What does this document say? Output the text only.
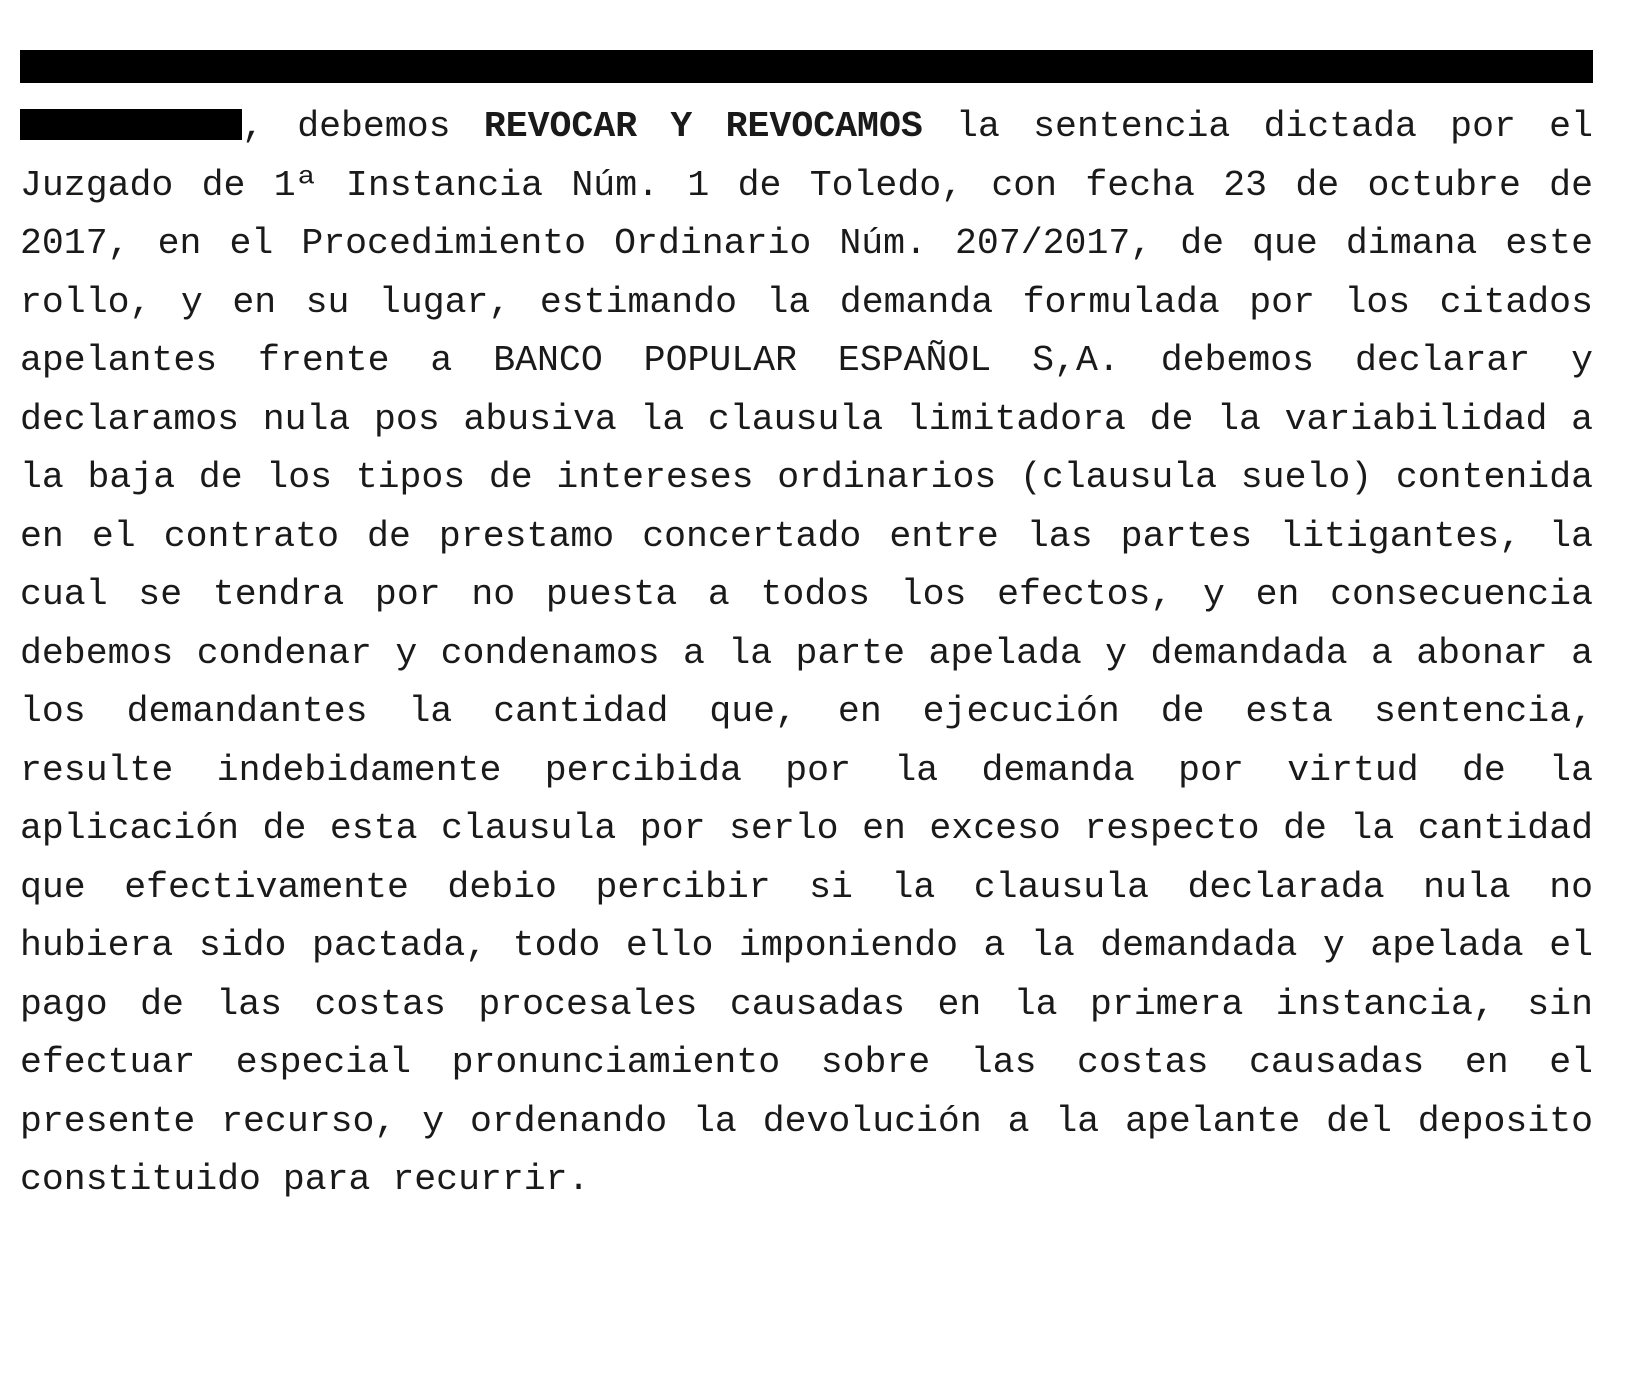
, debemos REVOCAR Y REVOCAMOS la sentencia dictada por el Juzgado de 1ª Instancia Núm. 1 de Toledo, con fecha 23 de octubre de 2017, en el Procedimiento Ordinario Núm. 207/2017, de que dimana este rollo, y en su lugar, estimando la demanda formulada por los citados apelantes frente a BANCO POPULAR ESPAÑOL S,A. debemos declarar y declaramos nula pos abusiva la clausula limitadora de la variabilidad a la baja de los tipos de intereses ordinarios (clausula suelo) contenida en el contrato de prestamo concertado entre las partes litigantes, la cual se tendra por no puesta a todos los efectos, y en consecuencia debemos condenar y condenamos a la parte apelada y demandada a abonar a los demandantes la cantidad que, en ejecución de esta sentencia, resulte indebidamente percibida por la demanda por virtud de la aplicación de esta clausula por serlo en exceso respecto de la cantidad que efectivamente debio percibir si la clausula declarada nula no hubiera sido pactada, todo ello imponiendo a la demandada y apelada el pago de las costas procesales causadas en la primera instancia, sin efectuar especial pronunciamiento sobre las costas causadas en el presente recurso, y ordenando la devolución a la apelante del deposito constituido para recurrir.
